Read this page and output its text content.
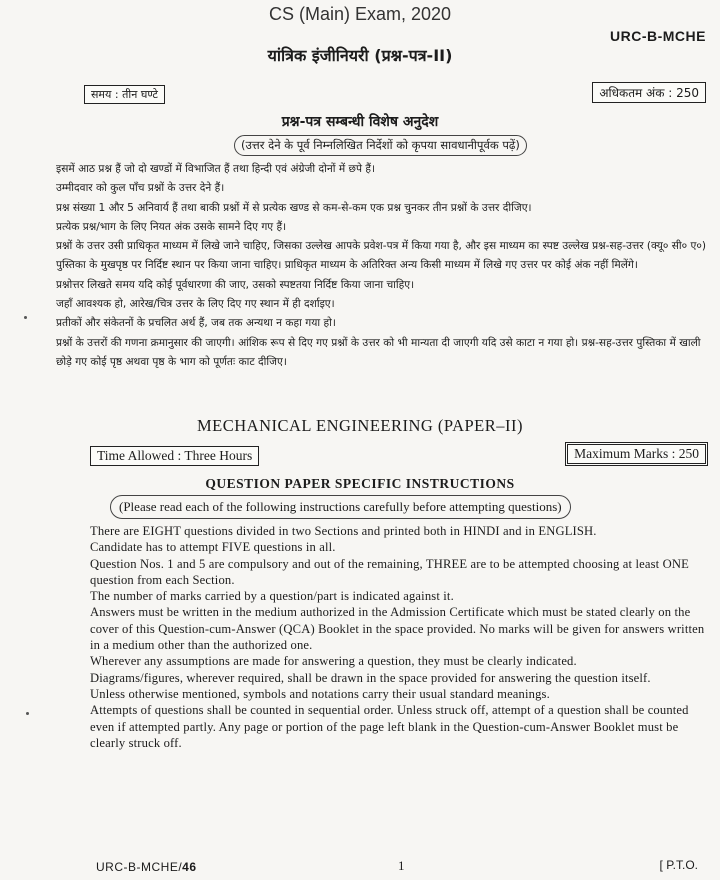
CS (Main) Exam, 2020
URC-B-MCHE
यांत्रिक इंजीनियरी (प्रश्न-पत्र-II)
समय : तीन घण्टे	अधिकतम अंक : 250
प्रश्न-पत्र सम्बन्धी विशेष अनुदेश
(उत्तर देने के पूर्व निम्नलिखित निर्देशों को कृपया सावधानीपूर्वक पढ़ें)

इसमें आठ प्रश्न हैं जो दो खण्डों में विभाजित हैं तथा हिन्दी एवं अंग्रेजी दोनों में छपे हैं।

उम्मीदवार को कुल पाँच प्रश्नों के उत्तर देने हैं।

प्रश्न संख्या 1 और 5 अनिवार्य हैं तथा बाकी प्रश्नों में से प्रत्येक खण्ड से कम-से-कम एक प्रश्न चुनकर तीन प्रश्नों के उत्तर दीजिए।

प्रत्येक प्रश्न/भाग के लिए नियत अंक उसके सामने दिए गए हैं।

प्रश्नों के उत्तर उसी प्राधिकृत माध्यम में लिखे जाने चाहिए, जिसका उल्लेख आपके प्रवेश-पत्र में किया गया है, और इस माध्यम का स्पष्ट उल्लेख प्रश्न-सह-उत्तर (क्यू० सी० ए०) पुस्तिका के मुखपृष्ठ पर निर्दिष्ट स्थान पर किया जाना चाहिए। प्राधिकृत माध्यम के अतिरिक्त अन्य किसी माध्यम में लिखे गए उत्तर पर कोई अंक नहीं मिलेंगे।

प्रश्नोत्तर लिखते समय यदि कोई पूर्वधारणा की जाए, उसको स्पष्टतया निर्दिष्ट किया जाना चाहिए।

जहाँ आवश्यक हो, आरेख/चित्र उत्तर के लिए दिए गए स्थान में ही दर्शाइए।

प्रतीकों और संकेतनों के प्रचलित अर्थ हैं, जब तक अन्यथा न कहा गया हो।

प्रश्नों के उत्तरों की गणना क्रमानुसार की जाएगी। आंशिक रूप से दिए गए प्रश्नों के उत्तर को भी मान्यता दी जाएगी यदि उसे काटा न गया हो। प्रश्न-सह-उत्तर पुस्तिका में खाली छोड़े गए कोई पृष्ठ अथवा पृष्ठ के भाग को पूर्णतः काट दीजिए।

MECHANICAL ENGINEERING (PAPER–II)
Time Allowed : Three Hours	Maximum Marks : 250
QUESTION PAPER SPECIFIC INSTRUCTIONS
(Please read each of the following instructions carefully before attempting questions)

There are EIGHT questions divided in two Sections and printed both in HINDI and in ENGLISH.

Candidate has to attempt FIVE questions in all.

Question Nos. 1 and 5 are compulsory and out of the remaining, THREE are to be attempted choosing at least ONE question from each Section.

The number of marks carried by a question/part is indicated against it.

Answers must be written in the medium authorized in the Admission Certificate which must be stated clearly on the cover of this Question-cum-Answer (QCA) Booklet in the space provided. No marks will be given for answers written in a medium other than the authorized one.

Wherever any assumptions are made for answering a question, they must be clearly indicated.

Diagrams/figures, wherever required, shall be drawn in the space provided for answering the question itself.

Unless otherwise mentioned, symbols and notations carry their usual standard meanings.

Attempts of questions shall be counted in sequential order. Unless struck off, attempt of a question shall be counted even if attempted partly. Any page or portion of the page left blank in the Question-cum-Answer Booklet must be clearly struck off.

URC-B-MCHE/46	1	[ P.T.O.
